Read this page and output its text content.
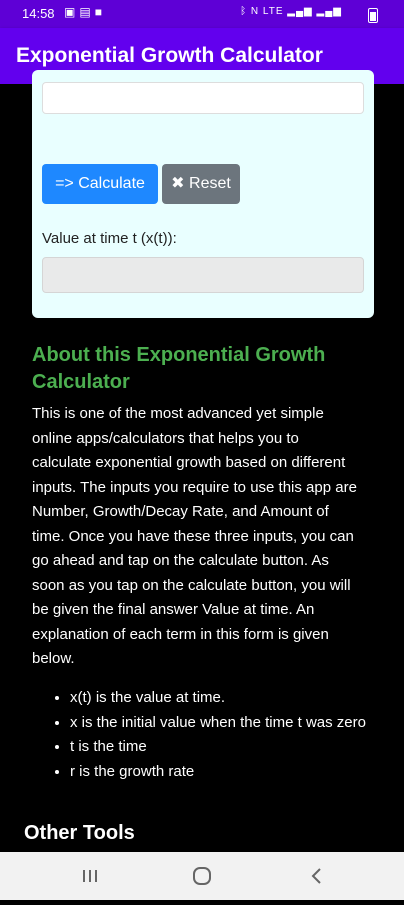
14:58 ▣▤■	ᛒ N LTE ▂▄▆ ▂▄▆
Exponential Growth Calculator
=> Calculate	✖ Reset
Value at time t (x(t)):
About this Exponential Growth Calculator
This is one of the most advanced yet simple online apps/calculators that helps you to calculate exponential growth based on different inputs. The inputs you require to use this app are Number, Growth/Decay Rate, and Amount of time. Once you have these three inputs, you can go ahead and tap on the calculate button. As soon as you tap on the calculate button, you will be given the final answer Value at time. An explanation of each term in this form is given below.
• x(t) is the value at time.
• x is the initial value when the time t was zero
• t is the time
• r is the growth rate
Other Tools
